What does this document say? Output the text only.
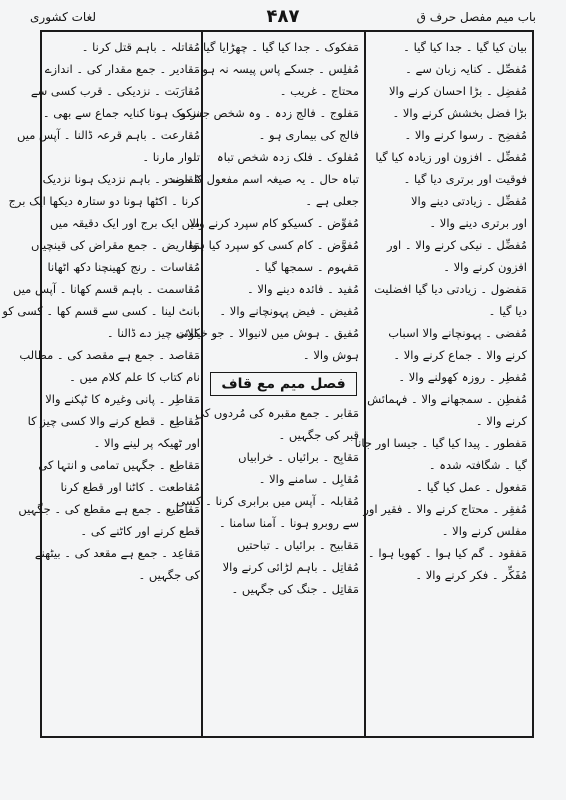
باب میم مفصل حرف ق
۴۸۷
لغات کشوری
بیان کیا گیا ۔ جدا کیا گیا ۔
مُفصِّل ۔ کنایہ زبان سے ۔
مُفضِل ۔ بڑا احسان کرنے والا
بڑا فضل بخشش کرنے والا ۔
مُفضِح ۔ رسوا کرنے والا ۔
مُفضِّل ۔ افزون اور زیادہ کیا گیا
فوقیت اور برتری دیا گیا ۔
مُفضِّل ۔ زیادتی دینے والا
اور برتری دینے والا ۔
مُفضِّل ۔ نیکی کرنے والا ۔ اور
افزون کرنے والا ۔
مَفضول ۔ زیادتی دیا گیا افضلیت
دیا گیا ۔
مُفضی ۔ پہونچانے والا اسباب
کرنے والا ۔ جماع کرنے والا ۔
مُفطِر ۔ روزہ کھولنے والا ۔
مُفطِن ۔ سمجھانے والا ۔ فہمائش
کرنے والا ۔
مَفطور ۔ پیدا کیا گیا ۔ جیسا اور جانا
گیا ۔ شگافتہ شدہ ۔
مَفعول ۔ عمل کیا گیا ۔
مُفقِر ۔ محتاج کرنے والا ۔ فقیر اور
مفلس کرنے والا ۔
مَفقود ۔ گم کیا ہوا ۔ کھویا ہوا ۔
مُفَکِّر ۔ فکر کرنے والا ۔
مَفکوک ۔ جدا کیا گیا ۔ چھڑایا گیا ۔
مُفلِس ۔ جسکے پاس پیسہ نہ ہو
محتاج ۔ غریب ۔
مَفلوج ۔ فالج زدہ ۔ وہ شخص جسکو
فالج کی بیماری ہو ۔
مُفلوک ۔ فلک زدہ شخص تباہ
تباہ حال ۔ یہ صیغہ اسم مفعول کا مصدر
جعلی ہے ۔
مُفوِّض ۔ کسیکو کام سپرد کرنے والا
مُفوَّض ۔ کام کسی کو سپرد کیا ہوا
مَفہوم ۔ سمجھا گیا ۔
مُفید ۔ فائدہ دینے والا ۔
مُفیض ۔ فیض پہونچانے والا ۔
مُفیق ۔ ہوش میں لانیوالا ۔ جو خیالات
ہوش والا ۔
فصل میم مع قاف
مَقابر ۔ جمع مقبرہ کی مُردوں کی
قبر کی جگہیں ۔
مَقابِح ۔ برائیاں ۔ خرابیاں
مُقابِل ۔ سامنے والا ۔
مُقابلہ ۔ آپس میں برابری کرنا ۔ کسی
سے روبرو ہونا ۔ آمنا سامنا ۔
مَقابیح ۔ برائیاں ۔ تباحتیں
مُقاتِل ۔ باہم لڑائی کرنے والا
مَقاتِل ۔ جنگ کی جگہیں ۔
مُقاتلہ ۔ باہم قتل کرنا ۔
مَقادیر ۔ جمع مقدار کی ۔ اندازے
مُقارَبَت ۔ نزدیکی ۔ قرب کسی سے
نزدیک ہونا کنایہ جماع سے بھی ۔
مُقارعت ۔ باہم قرعہ ڈالنا ۔ آپس میں
تلوار مارنا ۔
مُقارنت ۔ باہم نزدیک ہونا نزدیک
کرنا ۔ اکٹھا ہونا دو ستارہ دیکھا ایک برج
میں ایک برج اور ایک دقیقہ میں
مَقاریض ۔ جمع مقراض کی قینچیاں
مُقاسات ۔ رنج کھینچنا دکھ اٹھانا
مُقاسمت ۔ باہم قسم کھانا ۔ آپس میں
بانٹ لینا ۔ کسی سے قسم کھا ۔ کسی کو
کوئی چیز دے ڈالنا ۔
مَقاصد ۔ جمع ہے مقصد کی ۔ مطالب
نام کتاب کا علم کلام میں ۔
مَقاطِر ۔ پانی وغیرہ کا ٹپکنے والا
مُقاطِع ۔ قطع کرنے والا کسی چیز کا
اور ٹھیکہ پر لینے والا ۔
مَقاطِع ۔ جگہیں تمامی و انتہا کی
مُقاطعت ۔ کاٹنا اور قطع کرنا
مَقاطیع ۔ جمع ہے مقطع کی ۔ جگہیں
قطع کرنے اور کاٹنے کی ۔
مَقاعِد ۔ جمع ہے مقعد کی ۔ بیٹھنے
کی جگہیں ۔
